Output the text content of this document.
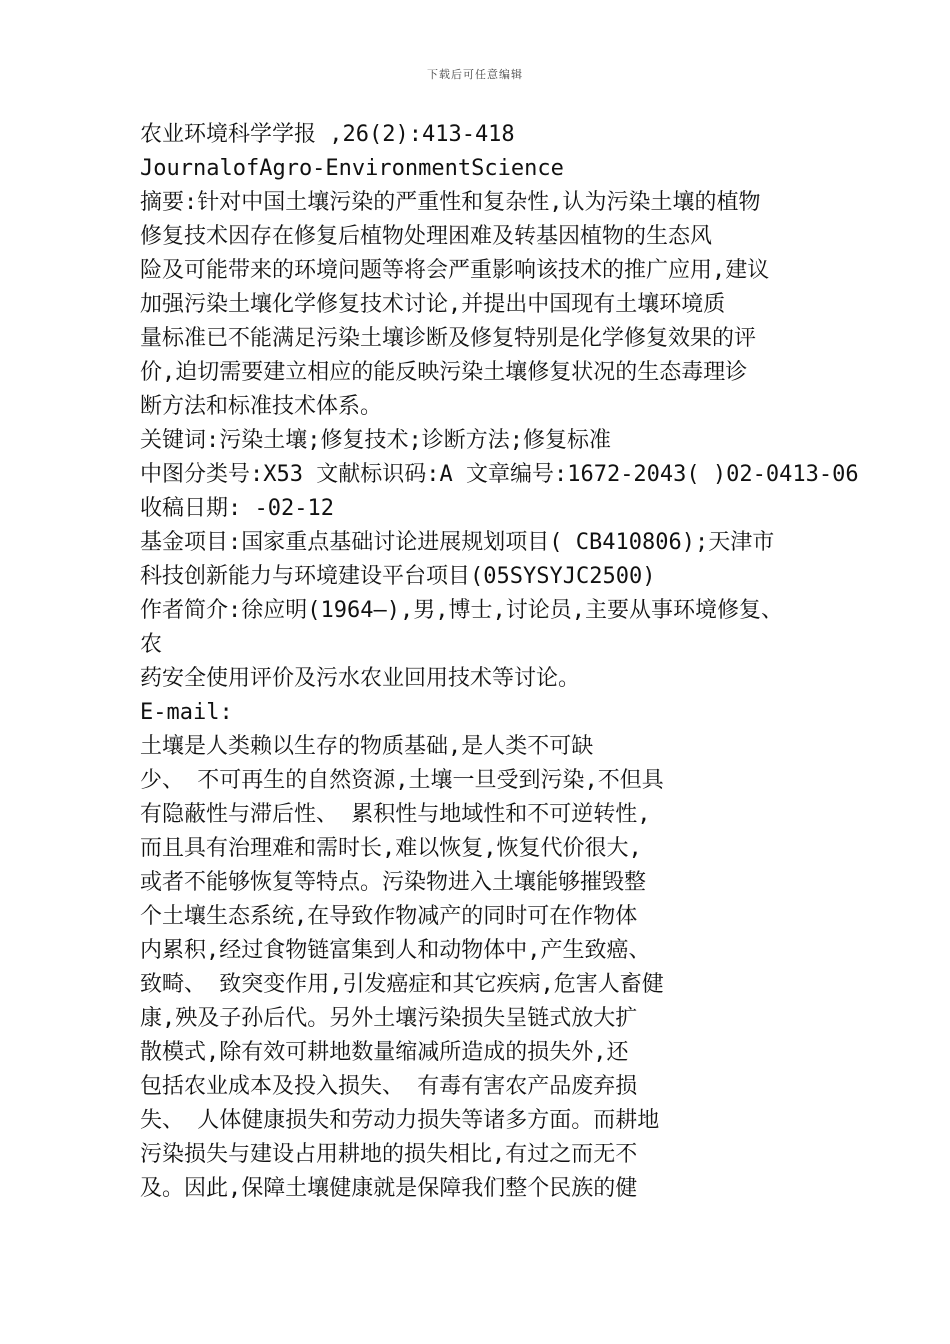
下载后可任意编辑
农业环境科学学报 ,26(2):413-418
JournalofAgro-EnvironmentScience
摘要:针对中国土壤污染的严重性和复杂性,认为污染土壤的植物
修复技术因存在修复后植物处理困难及转基因植物的生态风
险及可能带来的环境问题等将会严重影响该技术的推广应用,建议
加强污染土壤化学修复技术讨论,并提出中国现有土壤环境质
量标准已不能满足污染土壤诊断及修复特别是化学修复效果的评
价,迫切需要建立相应的能反映污染土壤修复状况的生态毒理诊
断方法和标准技术体系。
关键词:污染土壤;修复技术;诊断方法;修复标准
中图分类号:X53 文献标识码:A 文章编号:1672-2043( )02-0413-06
收稿日期: -02-12
基金项目:国家重点基础讨论进展规划项目( CB410806);天津市
科技创新能力与环境建设平台项目(05SYSYJC2500)
作者简介:徐应明(1964—),男,博士,讨论员,主要从事环境修复、
农
药安全使用评价及污水农业回用技术等讨论。
E-mail:
土壤是人类赖以生存的物质基础,是人类不可缺
少、 不可再生的自然资源,土壤一旦受到污染,不但具
有隐蔽性与滞后性、 累积性与地域性和不可逆转性,
而且具有治理难和需时长,难以恢复,恢复代价很大,
或者不能够恢复等特点。污染物进入土壤能够摧毁整
个土壤生态系统,在导致作物减产的同时可在作物体
内累积,经过食物链富集到人和动物体中,产生致癌、
致畸、 致突变作用,引发癌症和其它疾病,危害人畜健
康,殃及子孙后代。另外土壤污染损失呈链式放大扩
散模式,除有效可耕地数量缩减所造成的损失外,还
包括农业成本及投入损失、 有毒有害农产品废弃损
失、 人体健康损失和劳动力损失等诸多方面。而耕地
污染损失与建设占用耕地的损失相比,有过之而无不
及。因此,保障土壤健康就是保障我们整个民族的健
